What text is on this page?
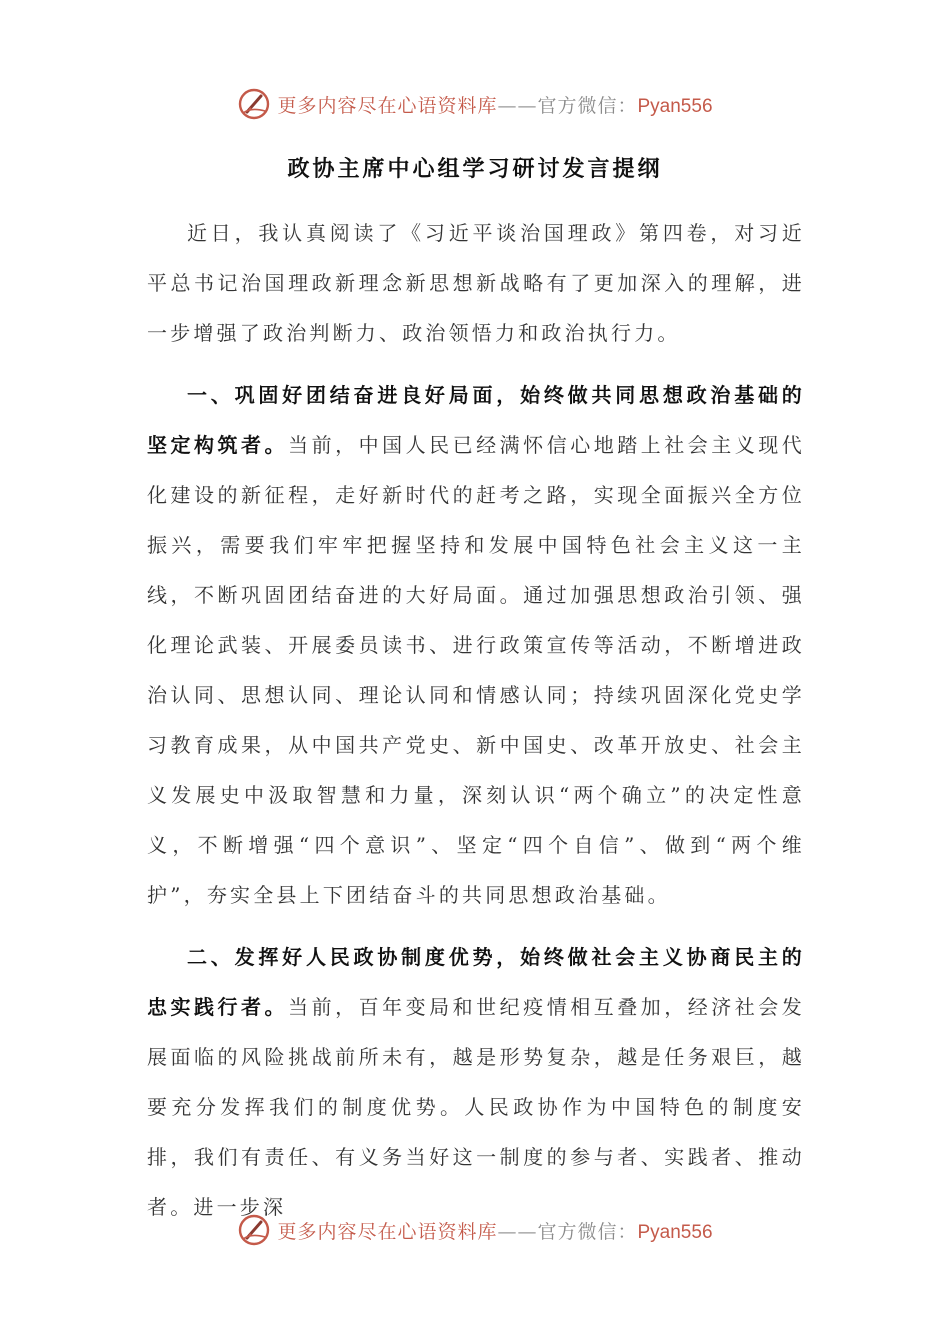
更多内容尽在心语资料库——官方微信：Pyan556
政协主席中心组学习研讨发言提纲

近日，我认真阅读了《习近平谈治国理政》第四卷，对习近平总书记治国理政新理念新思想新战略有了更加深入的理解，进一步增强了政治判断力、政治领悟力和政治执行力。

一、巩固好团结奋进良好局面，始终做共同思想政治基础的坚定构筑者。当前，中国人民已经满怀信心地踏上社会主义现代化建设的新征程，走好新时代的赶考之路，实现全面振兴全方位振兴，需要我们牢牢把握坚持和发展中国特色社会主义这一主线，不断巩固团结奋进的大好局面。通过加强思想政治引领、强化理论武装、开展委员读书、进行政策宣传等活动，不断增进政治认同、思想认同、理论认同和情感认同；持续巩固深化党史学习教育成果，从中国共产党史、新中国史、改革开放史、社会主义发展史中汲取智慧和力量，深刻认识“两个确立”的决定性意义，不断增强“四个意识”、坚定“四个自信”、做到“两个维护”，夯实全县上下团结奋斗的共同思想政治基础。

二、发挥好人民政协制度优势，始终做社会主义协商民主的忠实践行者。当前，百年变局和世纪疫情相互叠加，经济社会发展面临的风险挑战前所未有，越是形势复杂，越是任务艰巨，越要充分发挥我们的制度优势。人民政协作为中国特色的制度安排，我们有责任、有义务当好这一制度的参与者、实践者、推动者。进一步深

更多内容尽在心语资料库——官方微信：Pyan556
